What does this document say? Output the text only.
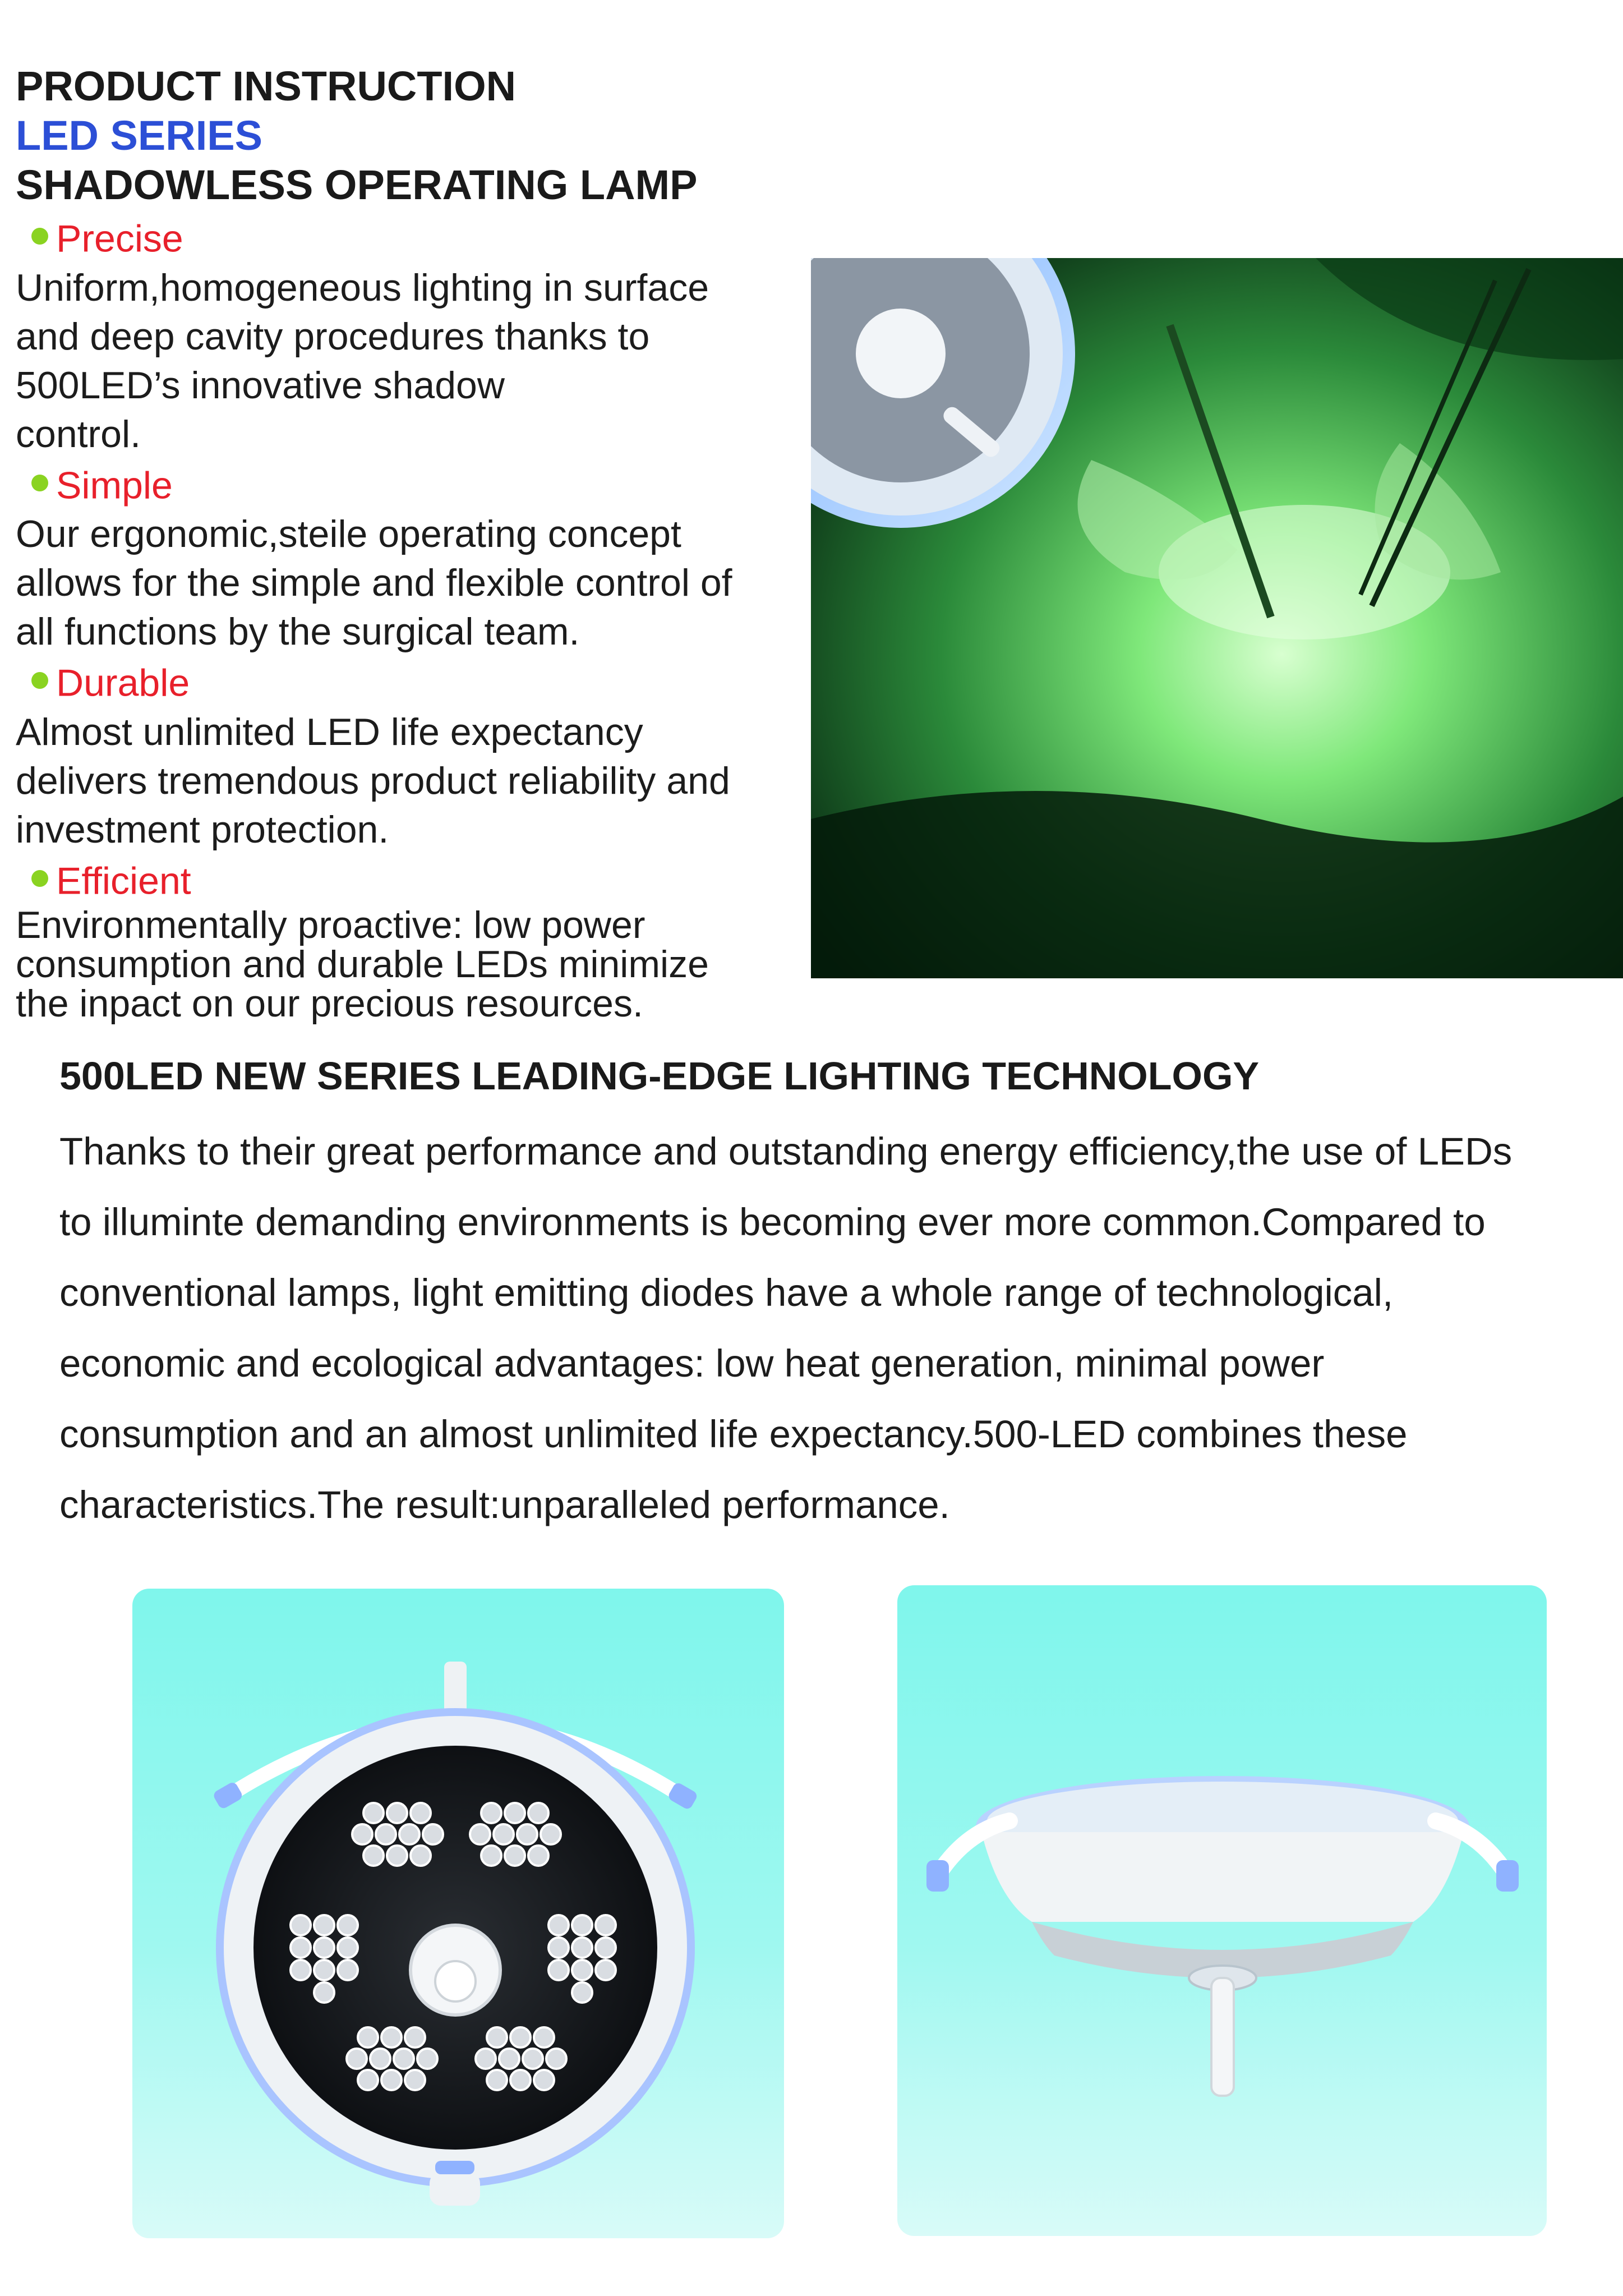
PRODUCT INSTRUCTION
LED SERIES
SHADOWLESS OPERATING LAMP
Precise
Uniform,homogeneous lighting in surface
and deep cavity procedures thanks to
500LED’s innovative shadow
control.
Simple
Our ergonomic,steile operating concept
allows for the simple and flexible control of
all functions by the surgical team.
Durable
Almost unlimited LED life expectancy
delivers tremendous product reliability and
investment protection.
Efficient
Environmentally proactive: low power
consumption and durable LEDs minimize
the inpact on our precious resources.
500LED NEW SERIES LEADING-EDGE LIGHTING TECHNOLOGY
Thanks to their great performance and outstanding energy efficiency,the use of LEDs
to illuminte demanding environments is becoming ever more common.Compared to
conventional lamps, light emitting diodes have a whole range of technological,
economic and ecological advantages: low heat generation, minimal power
consumption and an almost unlimited life expectancy.500-LED combines these
characteristics.The result:unparalleled performance.
